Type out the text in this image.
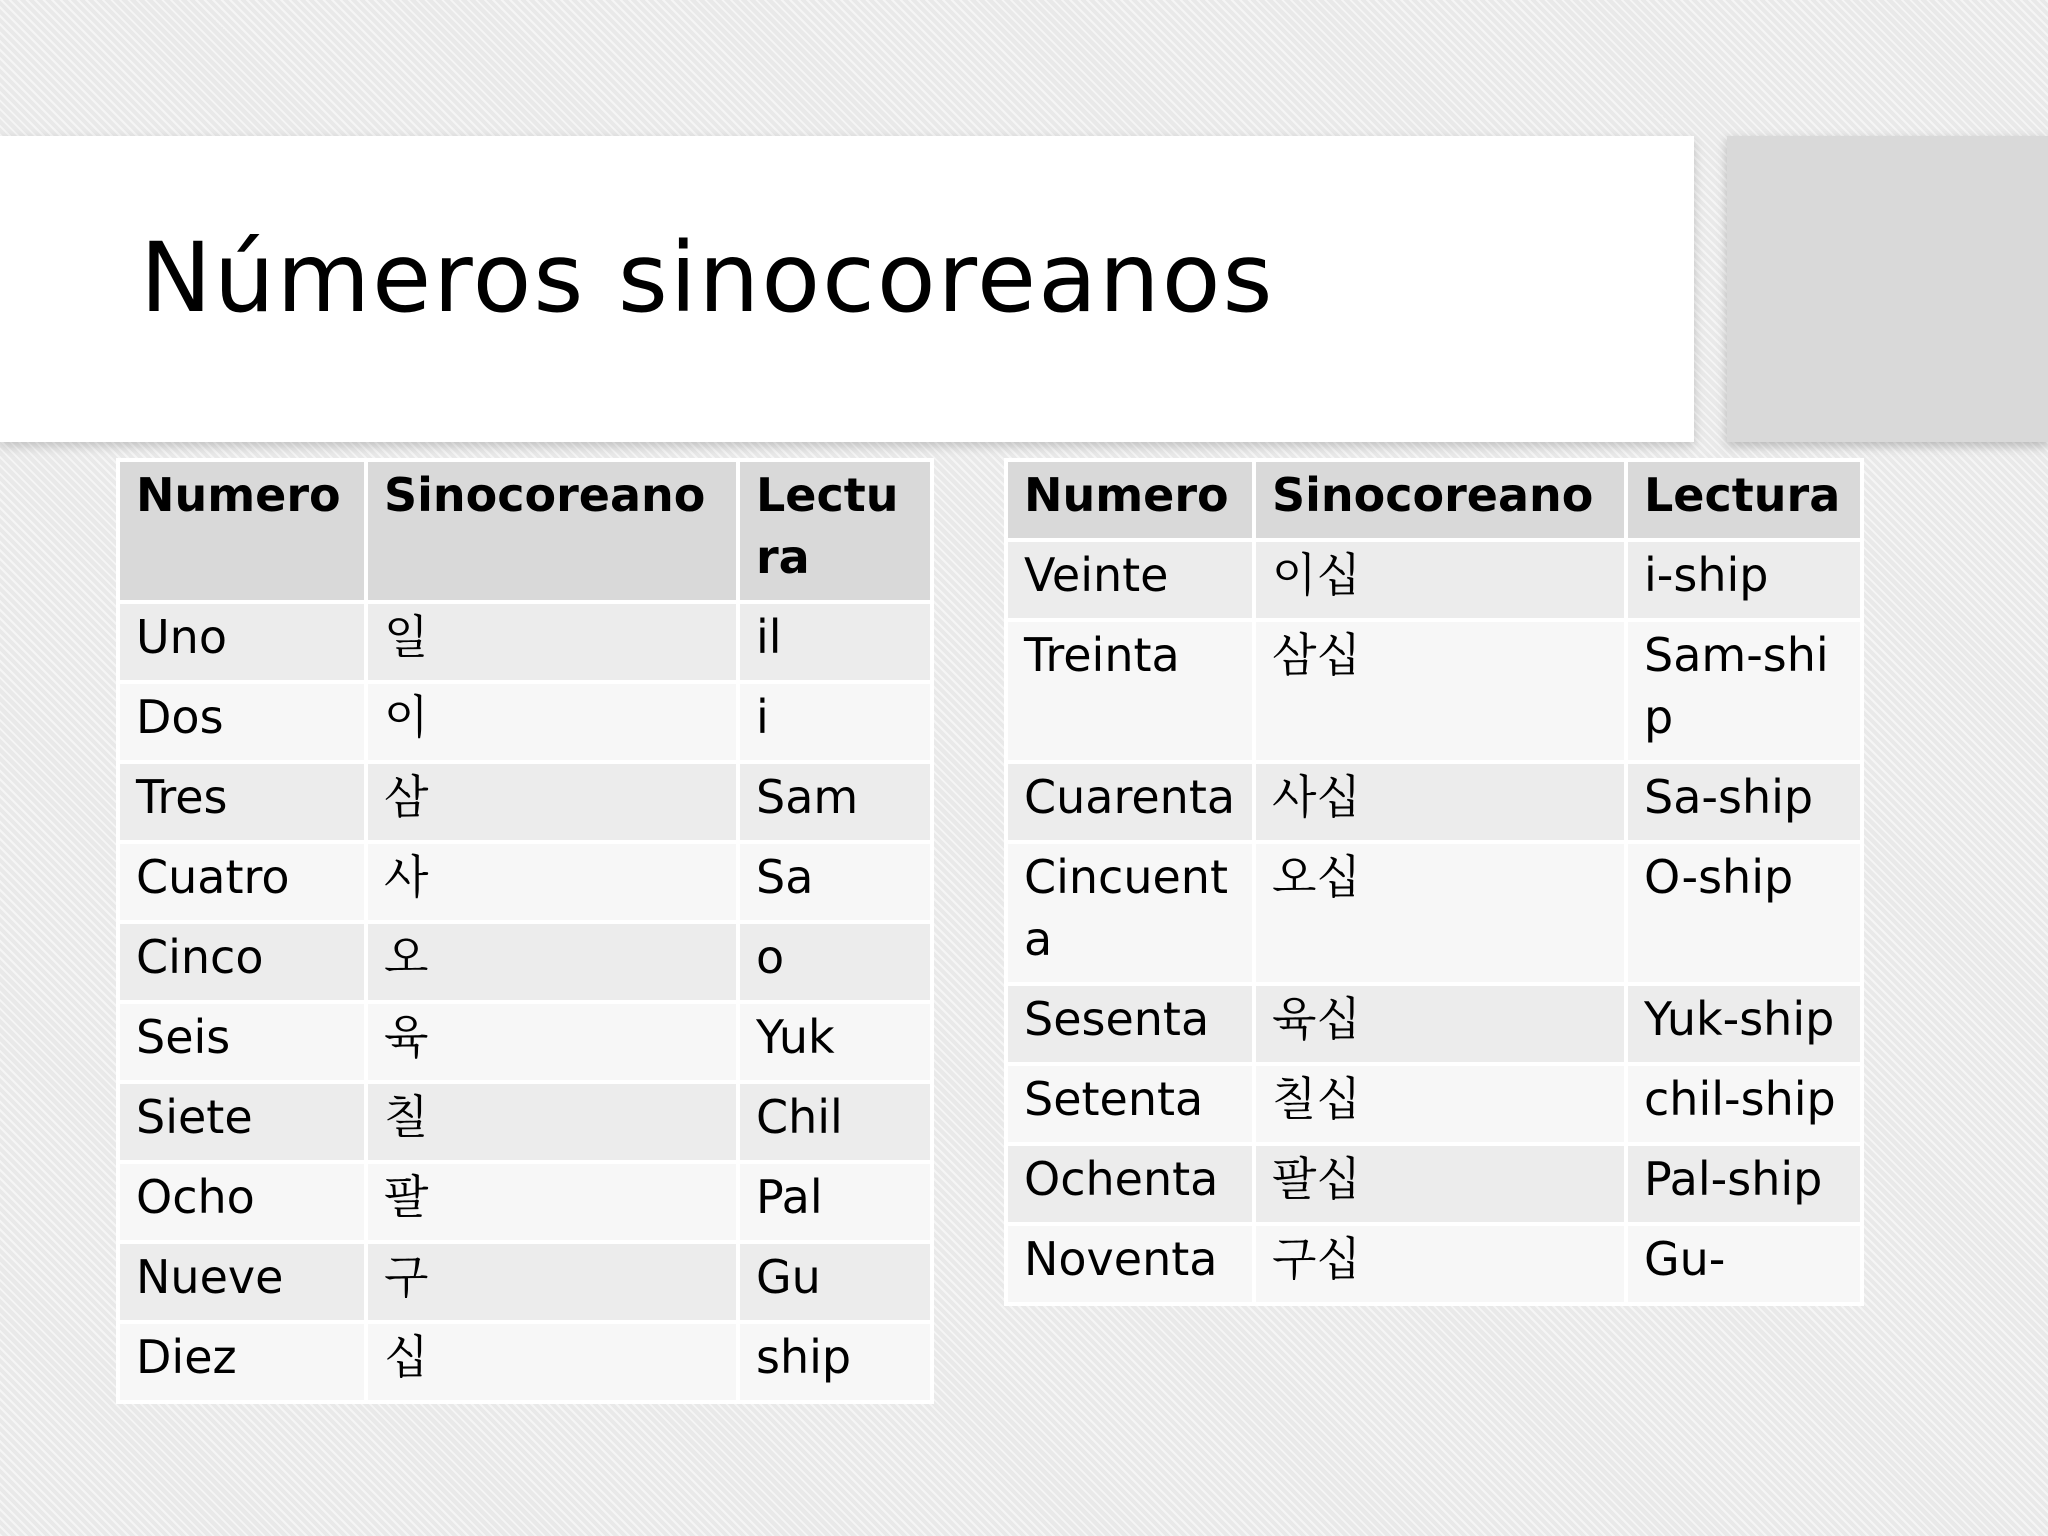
Números sinocoreanos
Numero	Sinocoreano	Lectura
Uno	일	il
Dos	이	i
Tres	삼	Sam
Cuatro	사	Sa
Cinco	오	o
Seis	육	Yuk
Siete	칠	Chil
Ocho	팔	Pal
Nueve	구	Gu
Diez	십	ship
Numero	Sinocoreano	Lectura
Veinte	이십	i-ship
Treinta	삼십	Sam-ship
Cuarenta	사십	Sa-ship
Cincuenta	오십	O-ship
Sesenta	육십	Yuk-ship
Setenta	칠십	chil-ship
Ochenta	팔십	Pal-ship
Noventa	구십	Gu-
